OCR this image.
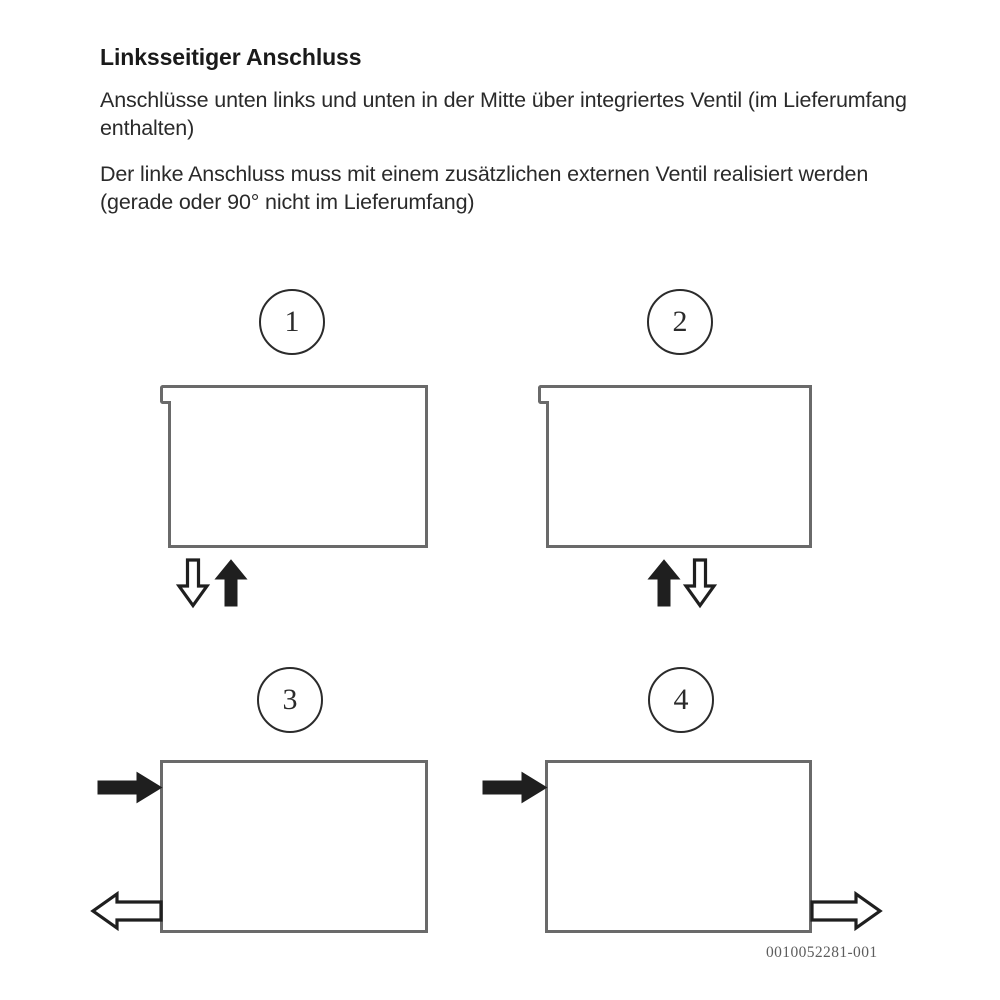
Linksseitiger Anschluss

Anschlüsse unten links und unten in der Mitte über integriertes Ventil (im Lieferumfang enthalten)

Der linke Anschluss muss mit einem zusätzlichen externen Ventil realisiert werden (gerade oder 90° nicht im Lieferumfang)

1	2
3	4
0010052281-001
